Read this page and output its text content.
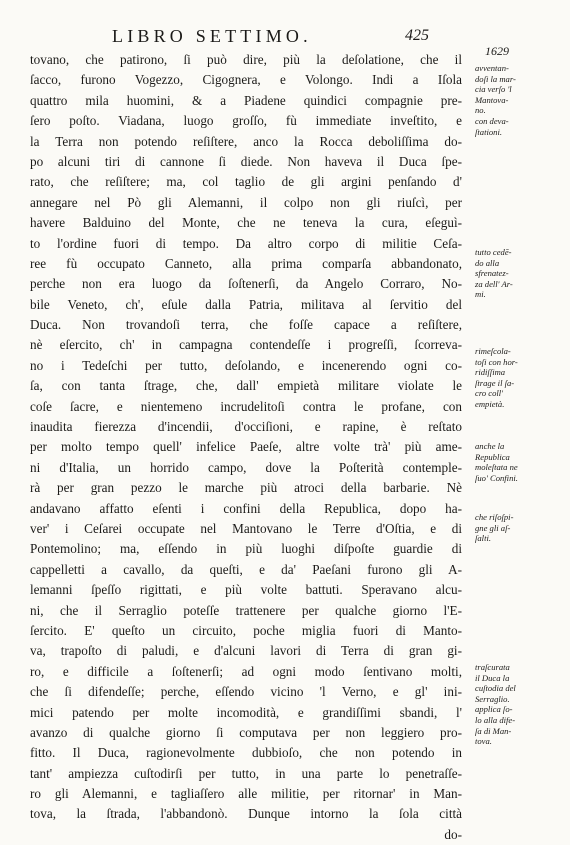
LIBRO SETTIMO.	425
1629
tovano, che patirono, ſi può dire, più la deſolatione, che il
ſacco, furono Vogezzo, Cigognera, e Volongo. Indi a Iſola
quattro mila huomini, & a Piadene quindici compagnie pre-
ſero poſto. Viadana, luogo groſſo, fù immediate inveſtito, e
la Terra non potendo reſiſtere, anco la Rocca deboliſſima do-
po alcuni tiri di cannone ſi diede. Non haveva il Duca ſpe-
rato, che reſiſtere; ma, col taglio de gli argini penſando d'
annegare nel Pò gli Alemanni, il colpo non gli riuſcì, per
havere Balduino del Monte, che ne teneva la cura, eſeguì-
to l'ordine fuori di tempo. Da altro corpo di militie Ceſa-
ree fù occupato Canneto, alla prima comparſa abbandonato,
perche non era luogo da ſoſtenerſi, da Angelo Corraro, No-
bile Veneto, ch', eſule dalla Patria, militava al ſervitio del
Duca. Non trovandoſi terra, che foſſe capace a reſiſtere,
nè eſercito, ch' in campagna contendeſſe i progreſſi, ſcorreva-
no i Tedeſchi per tutto, deſolando, e incenerendo ogni co-
ſa, con tanta ſtrage, che, dall' empietà militare violate le
coſe ſacre, e nientemeno incrudelitoſi contra le profane, con
inaudita fierezza d'incendii, d'occiſioni, e rapine, è reſtato
per molto tempo quell' infelice Paeſe, altre volte trà' più ame-
ni d'Italia, un horrido campo, dove la Poſterità contemple-
rà per gran pezzo le marche più atroci della barbarie. Nè
andavano affatto eſenti i confini della Republica, dopo ha-
ver' i Ceſarei occupate nel Mantovano le Terre d'Oſtia, e di
Pontemolino; ma, eſſendo in più luoghi diſpoſte guardie di
cappelletti a cavallo, da queſti, e da' Paeſani furono gli A-
lemanni ſpeſſo rigittati, e più volte battuti. Speravano alcu-
ni, che il Serraglio poteſſe trattenere per qualche giorno l'E-
ſercito. E' queſto un circuito, poche miglia fuori di Manto-
va, trapoſto di paludi, e d'alcuni lavori di Terra di gran gi-
ro, e difficile a ſoſtenerſi; ad ogni modo ſentivano molti,
che ſi difendeſſe; perche, eſſendo vicino 'l Verno, e gl' ini-
mici patendo per molte incomodità, e grandiſſimi sbandi, l'
avanzo di qualche giorno ſi computava per non leggiero pro-
fitto. Il Duca, ragionevolmente dubbioſo, che non potendo in
tant' ampiezza cuſtodirſi per tutto, in una parte lo penetraſſe-
ro gli Alemanni, e tagliaſſero alle militie, per ritornar' in Man-
tova, la ſtrada, l'abbandonò. Dunque intorno la ſola città
do-
avventan-
doſi la mar-
cia verſo 'l
Mantova-
no.
con deva-
ſtationi.
tutto cedē-
do alla
sfrenatez-
za dell' Ar-
mi.
rimeſcola-
toſi con hor-
ridiſſima
ſtrage il ſa-
cro coll'
empietà.
anche la
Republica
moleſtata ne
ſuo' Confini.
che riſoſpi-
gne gli aſ-
ſalti.
traſcurata
il Duca la
cuſtodia del
Serraglio.
applica ſo-
lo alla dife-
ſa di Man-
tova.
